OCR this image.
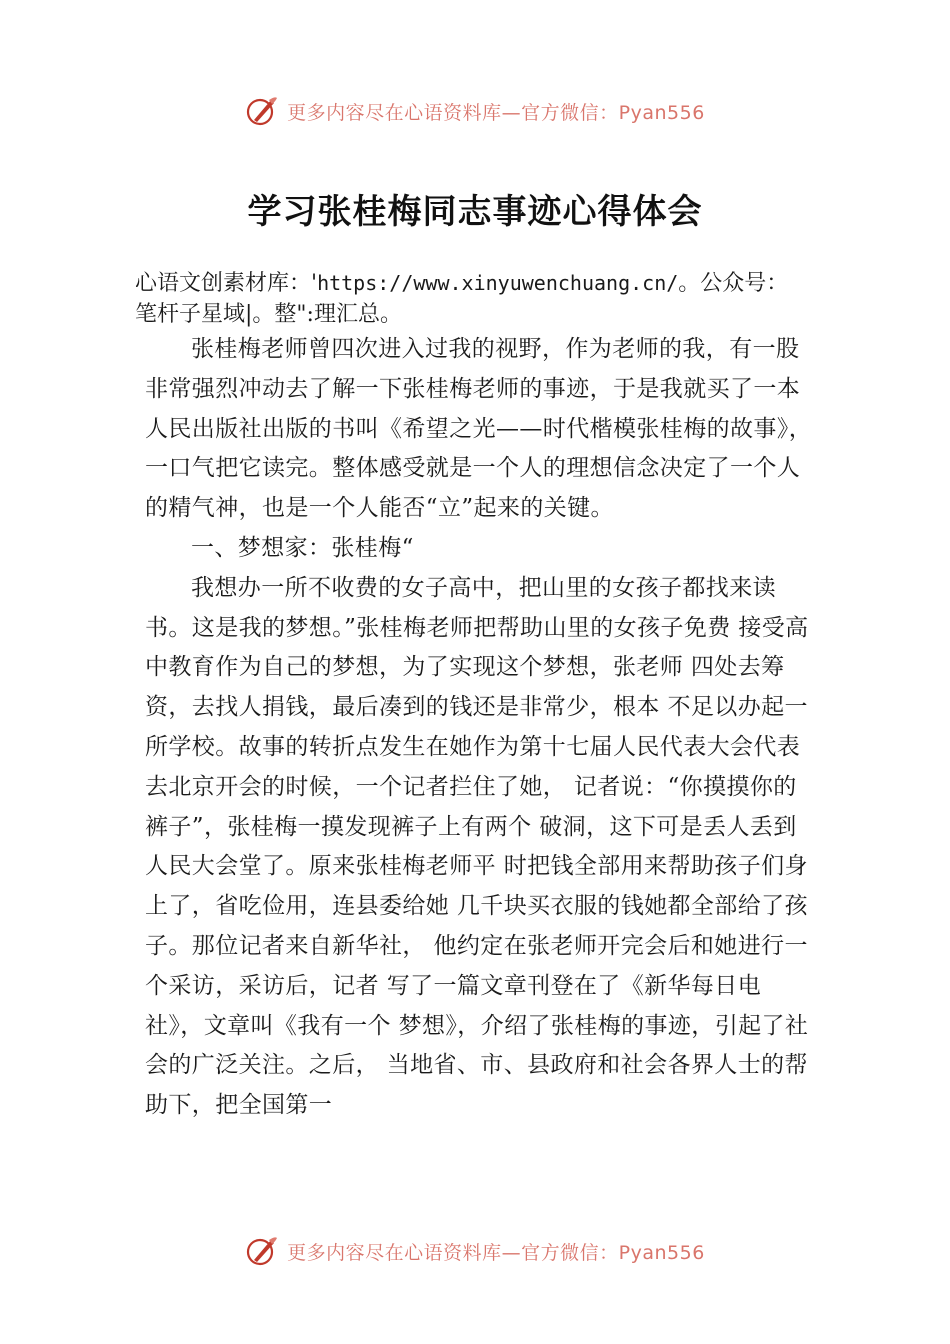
更多内容尽在心语资料库—官方微信：Pyan556
学习张桂梅同志事迹心得体会
心语文创素材库：'https://www.xinyuwenchuang.cn/。公众号：
笔杆子星域|。整":理汇总。

张桂梅老师曾四次进入过我的视野，作为老师的我，有一股非常强烈冲动去了解一下张桂梅老师的事迹，于是我就买了一本人民出版社出版的书叫《希望之光——时代楷模张桂梅的故事》，一口气把它读完。整体感受就是一个人的理想信念决定了一个人的精气神，也是一个人能否“立”起来的关键。

一、梦想家：张桂梅“

我想办一所不收费的女子高中，把山里的女孩子都找来读书。这是我的梦想。”张桂梅老师把帮助山里的女孩子免费 接受高中教育作为自己的梦想，为了实现这个梦想，张老师 四处去筹资，去找人捐钱，最后凑到的钱还是非常少，根本 不足以办起一所学校。故事的转折点发生在她作为第十七届人民代表大会代表去北京开会的时候，一个记者拦住了她， 记者说：“你摸摸你的裤子”，张桂梅一摸发现裤子上有两个 破洞，这下可是丢人丢到人民大会堂了。原来张桂梅老师平 时把钱全部用来帮助孩子们身上了，省吃俭用，连县委给她 几千块买衣服的钱她都全部给了孩子。那位记者来自新华社， 他约定在张老师开完会后和她进行一个采访，采访后，记者 写了一篇文章刊登在了《新华每日电社》，文章叫《我有一个 梦想》，介绍了张桂梅的事迹，引起了社会的广泛关注。之后， 当地省、市、县政府和社会各界人士的帮助下，把全国第一

更多内容尽在心语资料库—官方微信：Pyan556
